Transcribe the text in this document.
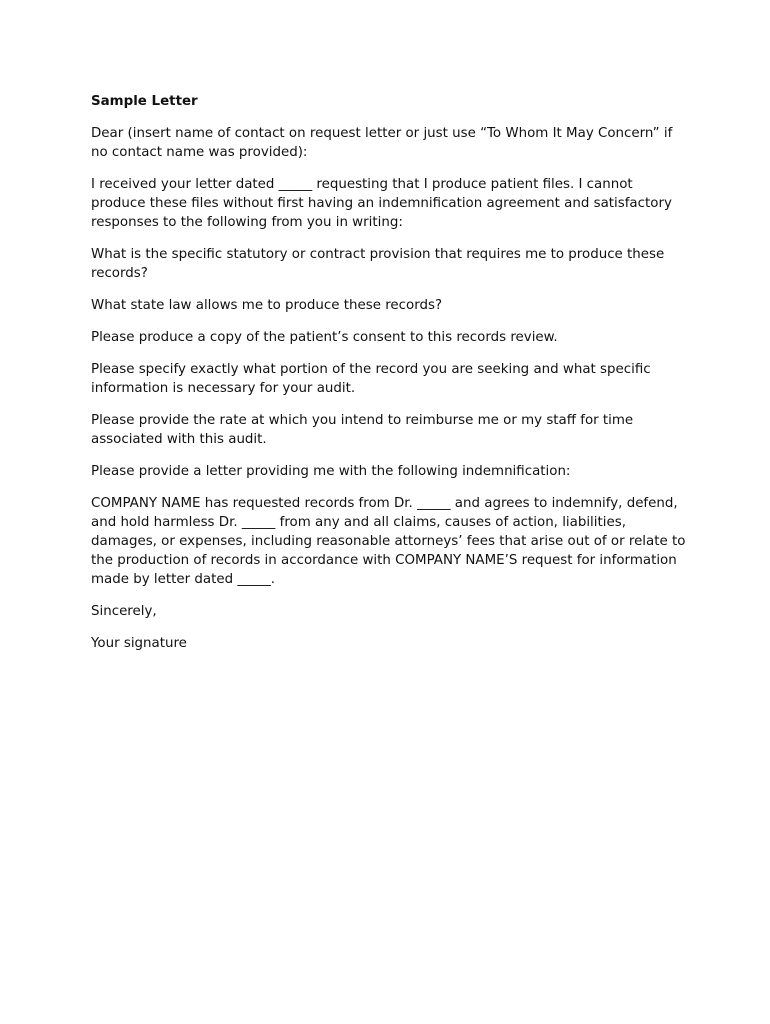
Sample Letter
Dear (insert name of contact on request letter or just use “To Whom It May Concern” if no contact name was provided):
I received your letter dated _____ requesting that I produce patient files. I cannot produce these files without first having an indemnification agreement and satisfactory responses to the following from you in writing:
What is the specific statutory or contract provision that requires me to produce these records?
What state law allows me to produce these records?
Please produce a copy of the patient’s consent to this records review.
Please specify exactly what portion of the record you are seeking and what specific information is necessary for your audit.
Please provide the rate at which you intend to reimburse me or my staff for time associated with this audit.
Please provide a letter providing me with the following indemnification:
COMPANY NAME has requested records from Dr. _____ and agrees to indemnify, defend, and hold harmless Dr. _____ from any and all claims, causes of action, liabilities, damages, or expenses, including reasonable attorneys’ fees that arise out of or relate to the production of records in accordance with COMPANY NAME’S request for information made by letter dated _____.
Sincerely,
Your signature
